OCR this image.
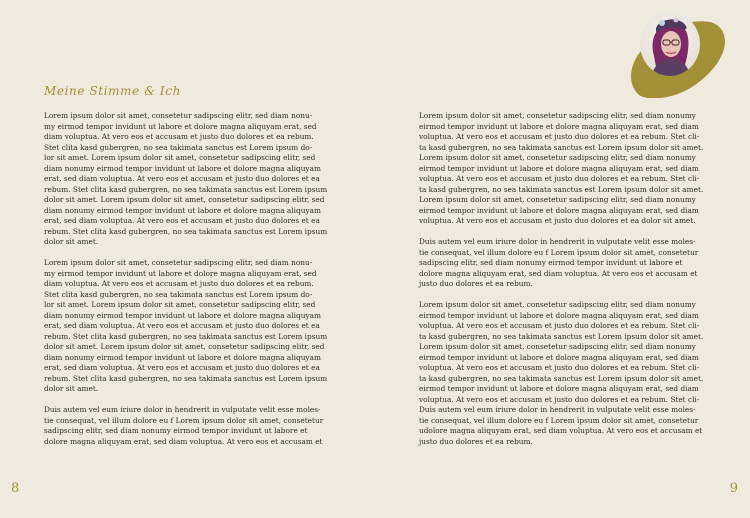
Meine Stimme & Ich

Lorem ipsum dolor sit amet, consetetur sadipscing elitr, sed diam nonu-
my eirmod tempor invidunt ut labore et dolore magna aliquyam erat, sed
diam voluptua. At vero eos et accusam et justo duo dolores et ea rebum.
Stet clita kasd gubergren, no sea takimata sanctus est Lorem ipsum do-
lor sit amet. Lorem ipsum dolor sit amet, consetetur sadipscing elitr, sed
diam nonumy eirmod tempor invidunt ut labore et dolore magna aliquyam
erat, sed diam voluptua. At vero eos et accusam et justo duo dolores et ea
rebum. Stet clita kasd gubergren, no sea takimata sanctus est Lorem ipsum
dolor sit amet. Lorem ipsum dolor sit amet, consetetur sadipscing elitr, sed
diam nonumy eirmod tempor invidunt ut labore et dolore magna aliquyam
erat, sed diam voluptua. At vero eos et accusam et justo duo dolores et ea
rebum. Stet clita kasd gubergren, no sea takimata sanctus est Lorem ipsum
dolor sit amet.

Lorem ipsum dolor sit amet, consetetur sadipscing elitr, sed diam nonu-
my eirmod tempor invidunt ut labore et dolore magna aliquyam erat, sed
diam voluptua. At vero eos et accusam et justo duo dolores et ea rebum.
Stet clita kasd gubergren, no sea takimata sanctus est Lorem ipsum do-
lor sit amet. Lorem ipsum dolor sit amet, consetetur sadipscing elitr, sed
diam nonumy eirmod tempor invidunt ut labore et dolore magna aliquyam
erat, sed diam voluptua. At vero eos et accusam et justo duo dolores et ea
rebum. Stet clita kasd gubergren, no sea takimata sanctus est Lorem ipsum
dolor sit amet. Lorem ipsum dolor sit amet, consetetur sadipscing elitr, sed
diam nonumy eirmod tempor invidunt ut labore et dolore magna aliquyam
erat, sed diam voluptua. At vero eos et accusam et justo duo dolores et ea
rebum. Stet clita kasd gubergren, no sea takimata sanctus est Lorem ipsum
dolor sit amet.

Duis autem vel eum iriure dolor in hendrerit in vulputate velit esse moles-
tie consequat, vel illum dolore eu f Lorem ipsum dolor sit amet, consetetur
sadipscing elitr, sed diam nonumy eirmod tempor invidunt ut labore et
dolore magna aliquyam erat, sed diam voluptua. At vero eos et accusam et

8

Lorem ipsum dolor sit amet, consetetur sadipscing elitr, sed diam nonumy
eirmod tempor invidunt ut labore et dolore magna aliquyam erat, sed diam
voluptua. At vero eos et accusam et justo duo dolores et ea rebum. Stet cli-
ta kasd gubergren, no sea takimata sanctus est Lorem ipsum dolor sit amet.
Lorem ipsum dolor sit amet, consetetur sadipscing elitr, sed diam nonumy
eirmod tempor invidunt ut labore et dolore magna aliquyam erat, sed diam
voluptua. At vero eos et accusam et justo duo dolores et ea rebum. Stet cli-
ta kasd gubergren, no sea takimata sanctus est Lorem ipsum dolor sit amet.
Lorem ipsum dolor sit amet, consetetur sadipscing elitr, sed diam nonumy
eirmod tempor invidunt ut labore et dolore magna aliquyam erat, sed diam
voluptua. At vero eos et accusam et justo duo dolores et ea dolor sit amet.

Duis autem vel eum iriure dolor in hendrerit in vulputate velit esse moles-
tie consequat, vel illum dolore eu f Lorem ipsum dolor sit amet, consetetur
sadipscing elitr, sed diam nonumy eirmod tempor invidunt ut labore et
dolore magna aliquyam erat, sed diam voluptua. At vero eos et accusam et
justo duo dolores et ea rebum.

Lorem ipsum dolor sit amet, consetetur sadipscing elitr, sed diam nonumy
eirmod tempor invidunt ut labore et dolore magna aliquyam erat, sed diam
voluptua. At vero eos et accusam et justo duo dolores et ea rebum. Stet cli-
ta kasd gubergren, no sea takimata sanctus est Lorem ipsum dolor sit amet.
Lorem ipsum dolor sit amet, consetetur sadipscing elitr, sed diam nonumy
eirmod tempor invidunt ut labore et dolore magna aliquyam erat, sed diam
voluptua. At vero eos et accusam et justo duo dolores et ea rebum. Stet cli-
ta kasd gubergren, no sea takimata sanctus est Lorem ipsum dolor sit amet.
eirmod tempor invidunt ut labore et dolore magna aliquyam erat, sed diam
voluptua. At vero eos et accusam et justo duo dolores et ea rebum. Stet cli-
Duis autem vel eum iriure dolor in hendrerit in vulputate velit esse moles-
tie consequat, vel illum dolore eu f Lorem ipsum dolor sit amet, consetetur
udolore magna aliquyam erat, sed diam voluptua. At vero eos et accusam et
justo duo dolores et ea rebum.

9
